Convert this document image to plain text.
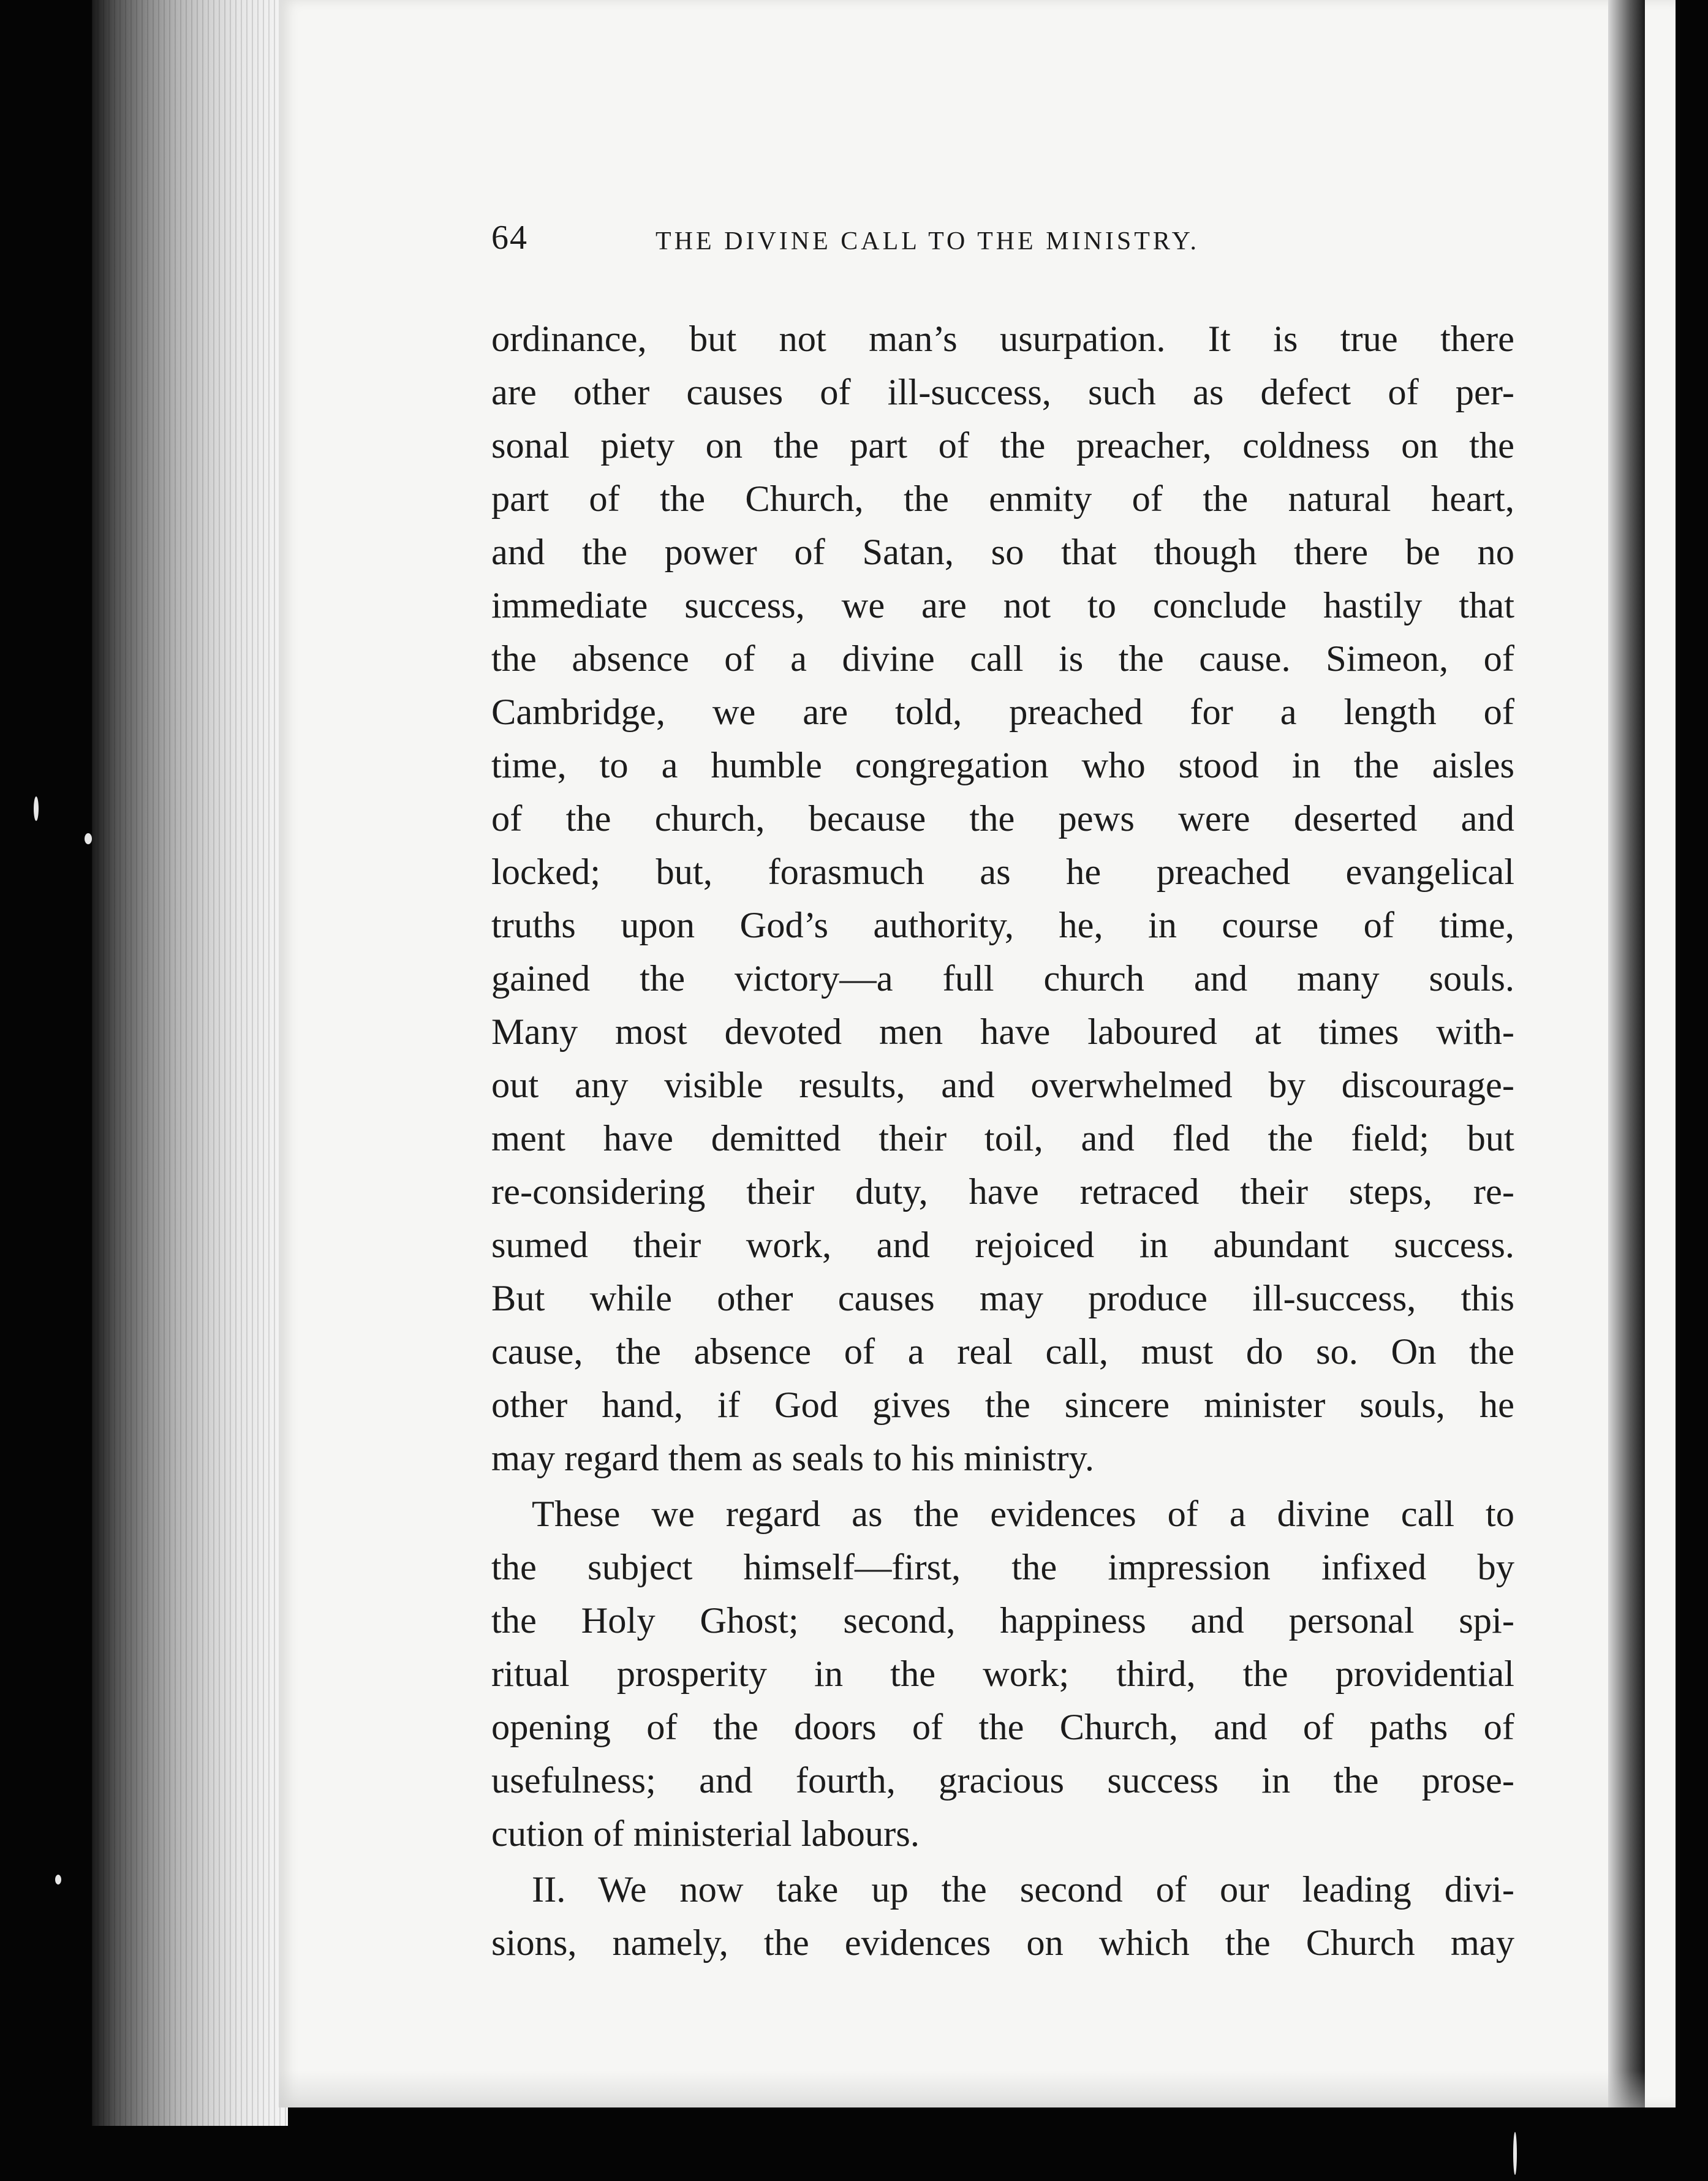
64	THE DIVINE CALL TO THE MINISTRY.
ordinance, but not man’s usurpation. It is true there
are other causes of ill-success, such as defect of per-
sonal piety on the part of the preacher, coldness on the
part of the Church, the enmity of the natural heart,
and the power of Satan, so that though there be no
immediate success, we are not to conclude hastily that
the absence of a divine call is the cause. Simeon, of
Cambridge, we are told, preached for a length of
time, to a humble congregation who stood in the aisles
of the church, because the pews were deserted and
locked; but, forasmuch as he preached evangelical
truths upon God’s authority, he, in course of time,
gained the victory—a full church and many souls.
Many most devoted men have laboured at times with-
out any visible results, and overwhelmed by discourage-
ment have demitted their toil, and fled the field; but
re-considering their duty, have retraced their steps, re-
sumed their work, and rejoiced in abundant success.
But while other causes may produce ill-success, this
cause, the absence of a real call, must do so. On the
other hand, if God gives the sincere minister souls, he
may regard them as seals to his ministry.
These we regard as the evidences of a divine call to
the subject himself—first, the impression infixed by
the Holy Ghost; second, happiness and personal spi-
ritual prosperity in the work; third, the providential
opening of the doors of the Church, and of paths of
usefulness; and fourth, gracious success in the prose-
cution of ministerial labours.
II. We now take up the second of our leading divi-
sions, namely, the evidences on which the Church may
